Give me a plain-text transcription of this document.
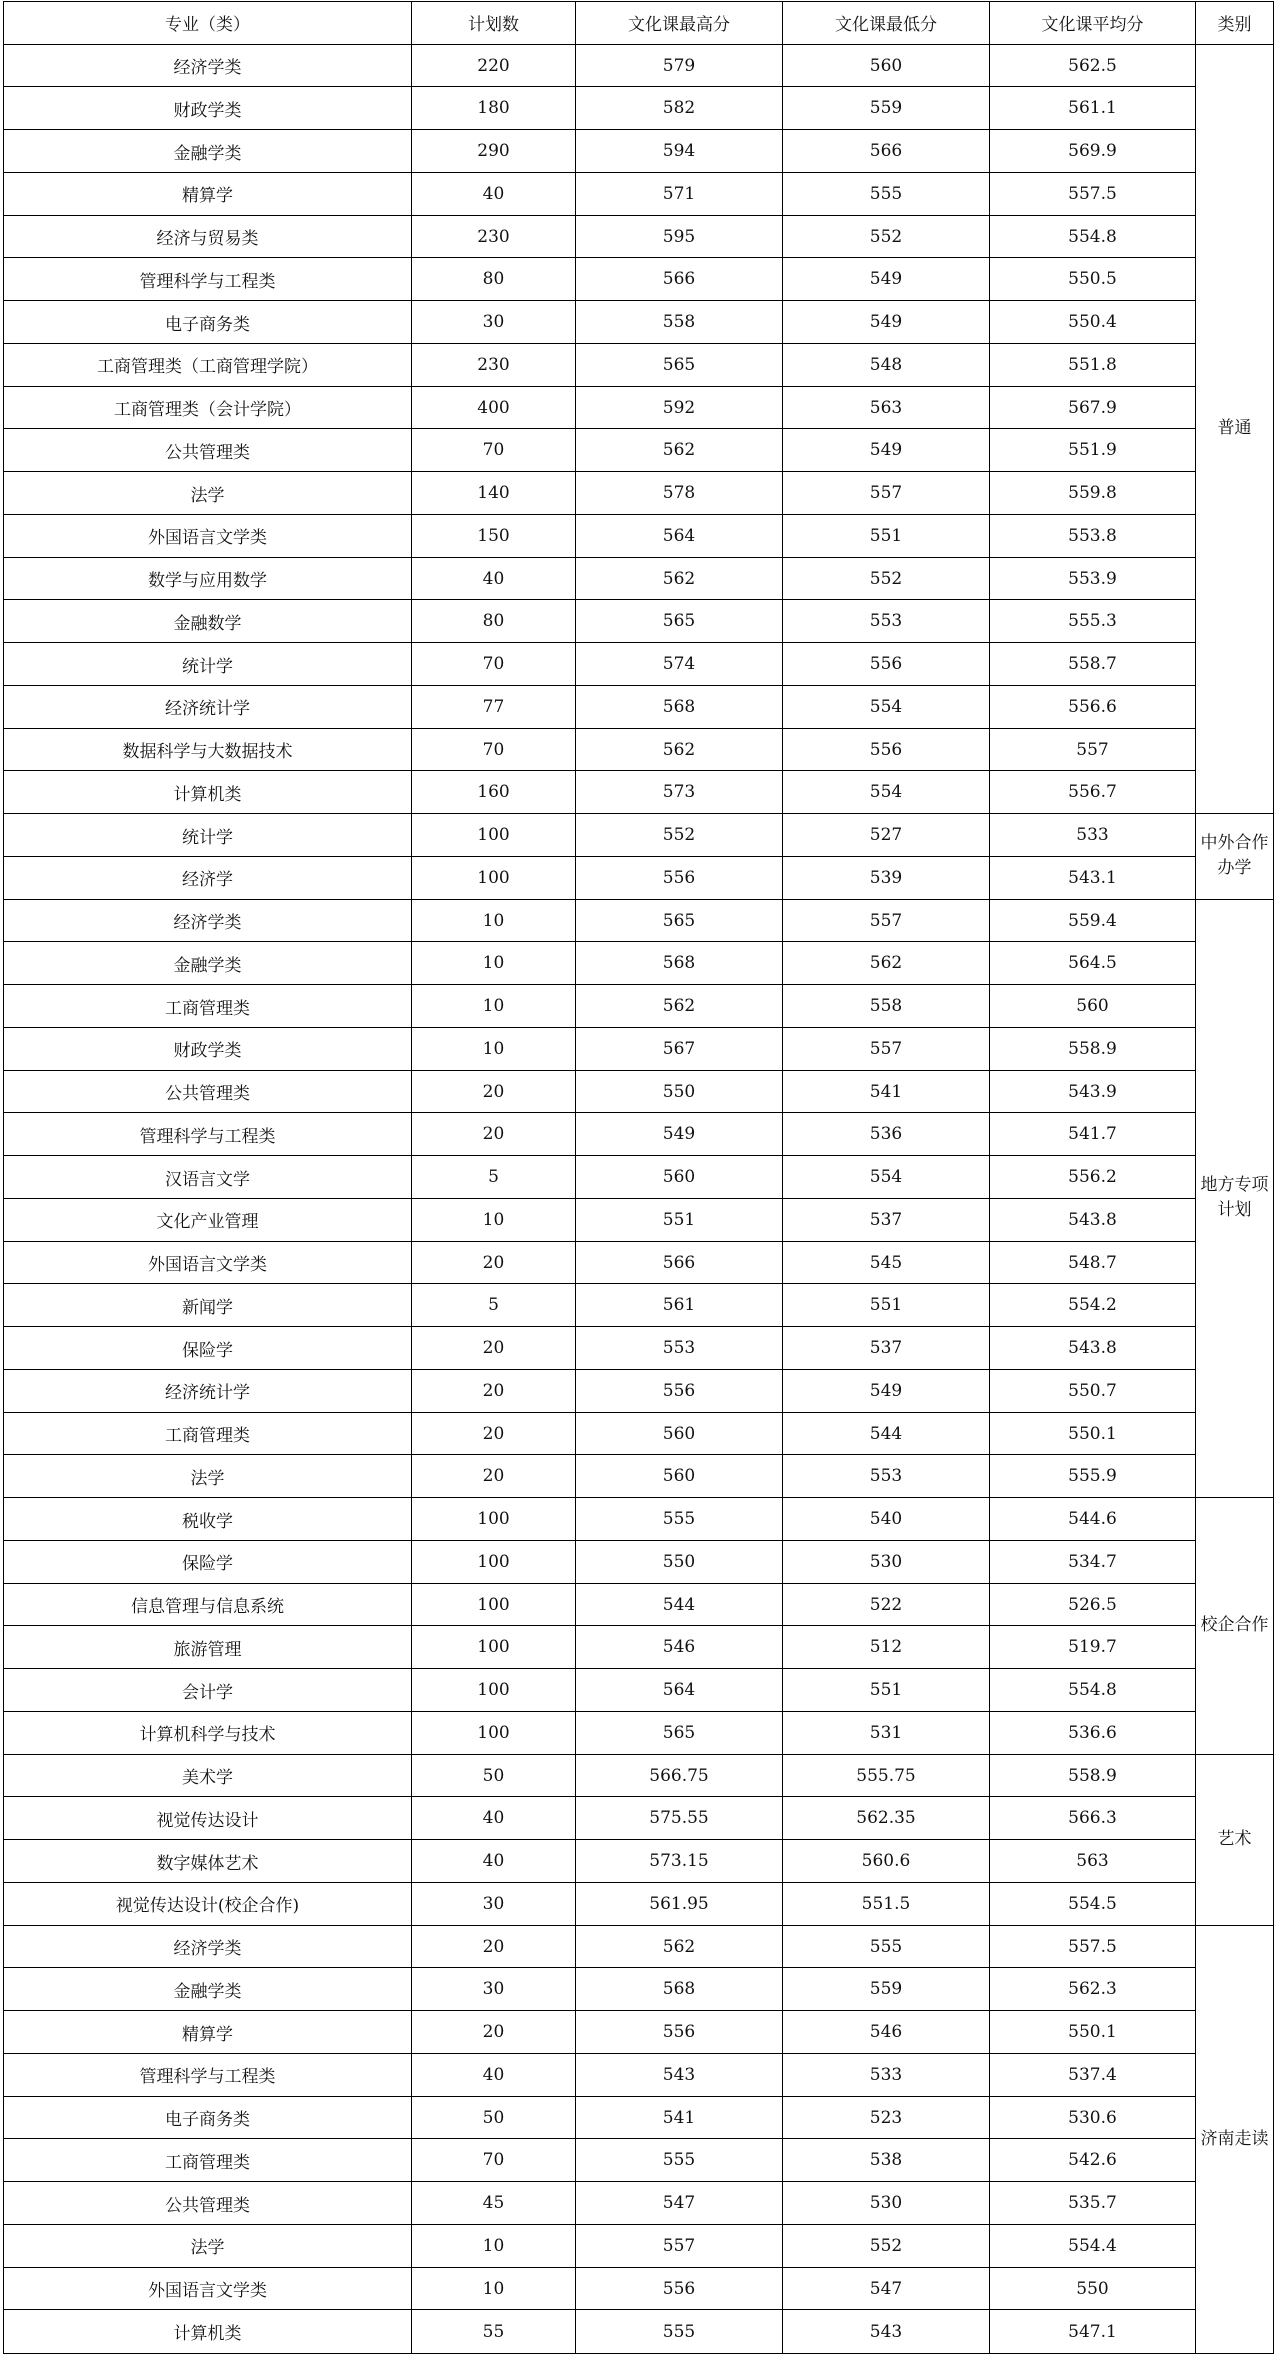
专业（类）	计划数	文化课最高分	文化课最低分	文化课平均分	类别
经济学类	220	579	560	562.5	普通
财政学类	180	582	559	561.1	
金融学类	290	594	566	569.9	
精算学	40	571	555	557.5	
经济与贸易类	230	595	552	554.8	
管理科学与工程类	80	566	549	550.5	
电子商务类	30	558	549	550.4	
工商管理类（工商管理学院）	230	565	548	551.8	
工商管理类（会计学院）	400	592	563	567.9	
公共管理类	70	562	549	551.9	
法学	140	578	557	559.8	
外国语言文学类	150	564	551	553.8	
数学与应用数学	40	562	552	553.9	
金融数学	80	565	553	555.3	
统计学	70	574	556	558.7	
经济统计学	77	568	554	556.6	
数据科学与大数据技术	70	562	556	557	
计算机类	160	573	554	556.7	
统计学	100	552	527	533	中外合作办学
经济学	100	556	539	543.1	
经济学类	10	565	557	559.4	地方专项计划
金融学类	10	568	562	564.5	
工商管理类	10	562	558	560	
财政学类	10	567	557	558.9	
公共管理类	20	550	541	543.9	
管理科学与工程类	20	549	536	541.7	
汉语言文学	5	560	554	556.2	
文化产业管理	10	551	537	543.8	
外国语言文学类	20	566	545	548.7	
新闻学	5	561	551	554.2	
保险学	20	553	537	543.8	
经济统计学	20	556	549	550.7	
工商管理类	20	560	544	550.1	
法学	20	560	553	555.9	
税收学	100	555	540	544.6	校企合作
保险学	100	550	530	534.7	
信息管理与信息系统	100	544	522	526.5	
旅游管理	100	546	512	519.7	
会计学	100	564	551	554.8	
计算机科学与技术	100	565	531	536.6	
美术学	50	566.75	555.75	558.9	艺术
视觉传达设计	40	575.55	562.35	566.3	
数字媒体艺术	40	573.15	560.6	563	
视觉传达设计(校企合作)	30	561.95	551.5	554.5	
经济学类	20	562	555	557.5	济南走读
金融学类	30	568	559	562.3	
精算学	20	556	546	550.1	
管理科学与工程类	40	543	533	537.4	
电子商务类	50	541	523	530.6	
工商管理类	70	555	538	542.6	
公共管理类	45	547	530	535.7	
法学	10	557	552	554.4	
外国语言文学类	10	556	547	550	
计算机类	55	555	543	547.1	
